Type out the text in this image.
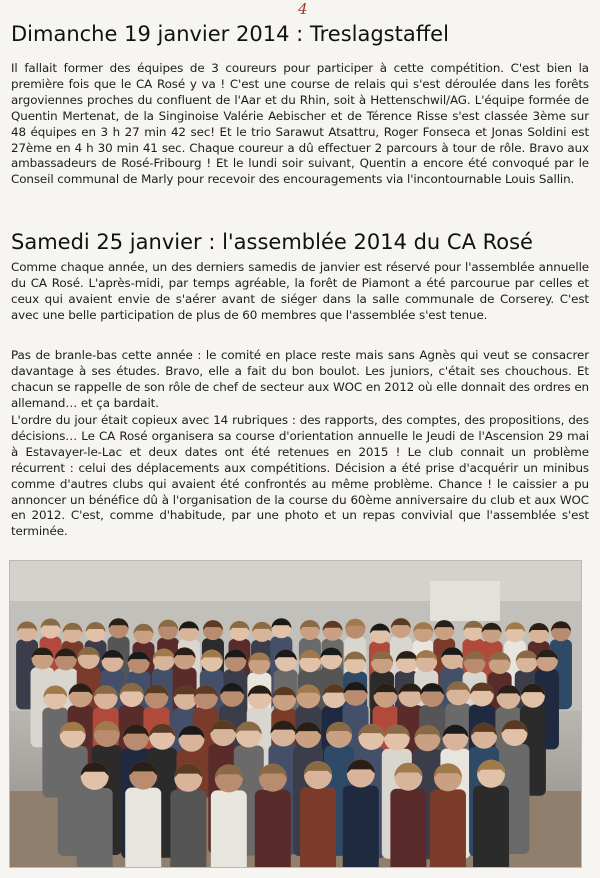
4
Dimanche 19 janvier 2014 : Treslagstaffel

Il fallait former des équipes de 3 coureurs pour participer à cette compétition. C'est bien la première fois que le CA Rosé y va ! C'est une course de relais qui s'est déroulée dans les forêts argoviennes proches du confluent de l'Aar et du Rhin, soit à Hettenschwil/AG. L'équipe formée de Quentin Mertenat, de la Singinoise Valérie Aebischer et de Térence Risse s'est classée 3ème sur 48 équipes en 3 h 27 min 42 sec! Et le trio Sarawut Atsattru, Roger Fonseca et Jonas Soldini est 27ème en 4 h 30 min 41 sec. Chaque coureur a dû effectuer 2 parcours à tour de rôle. Bravo aux ambassadeurs de Rosé-Fribourg ! Et le lundi soir suivant, Quentin a encore été convoqué par le Conseil communal de Marly pour recevoir des encouragements via l'incontournable Louis Sallin.

Samedi 25 janvier : l'assemblée 2014 du CA Rosé

Comme chaque année, un des derniers samedis de janvier est réservé pour l'assemblée annuelle du CA Rosé. L'après-midi, par temps agréable, la forêt de Piamont a été parcourue par celles et ceux qui avaient envie de s'aérer avant de siéger dans la salle communale de Corserey. C'est avec une belle participation de plus de 60 membres que l'assemblée s'est tenue.

Pas de branle-bas cette année : le comité en place reste mais sans Agnès qui veut se consacrer davantage à ses études. Bravo, elle a fait du bon boulot. Les juniors, c'était ses chouchous. Et chacun se rappelle de son rôle de chef de secteur aux WOC en 2012 où elle donnait des ordres en allemand… et ça bardait.

L'ordre du jour était copieux avec 14 rubriques : des rapports, des comptes, des propositions, des décisions… Le CA Rosé organisera sa course d'orientation annuelle le Jeudi de l'Ascension 29 mai à Estavayer-le-Lac et deux dates ont été retenues en 2015 ! Le club connait un problème récurrent : celui des déplacements aux compétitions. Décision a été prise d'acquérir un minibus comme d'autres clubs qui avaient été confrontés au même problème. Chance ! le caissier a pu annoncer un bénéfice dû à l'organisation de la course du 60ème anniversaire du club et aux WOC en 2012. C'est, comme d'habitude, par une photo et un repas convivial que l'assemblée s'est terminée.
